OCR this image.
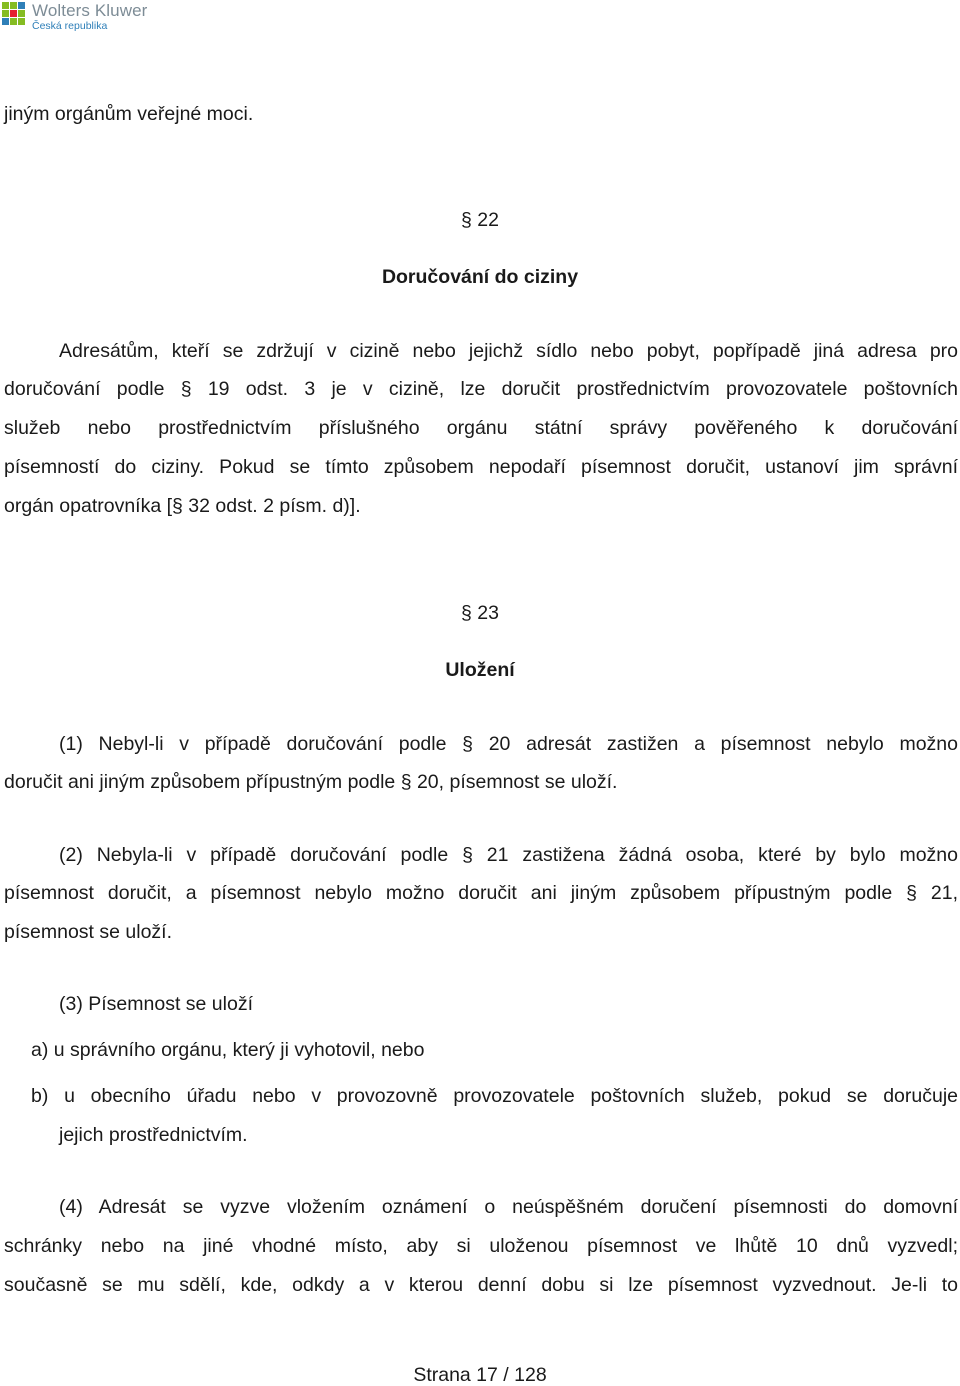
Wolters Kluwer
Česká republika
jiným orgánům veřejné moci.
§ 22
Doručování do ciziny
Adresátům, kteří se zdržují v cizině nebo jejichž sídlo nebo pobyt, popřípadě jiná adresa pro
doručování podle § 19 odst. 3 je v cizině, lze doručit prostřednictvím provozovatele poštovních
služeb nebo prostřednictvím příslušného orgánu státní správy pověřeného k doručování
písemností do ciziny. Pokud se tímto způsobem nepodaří písemnost doručit, ustanoví jim správní
orgán opatrovníka [§ 32 odst. 2 písm. d)].
§ 23
Uložení
(1) Nebyl-li v případě doručování podle § 20 adresát zastižen a písemnost nebylo možno
doručit ani jiným způsobem přípustným podle § 20, písemnost se uloží.
(2) Nebyla-li v případě doručování podle § 21 zastižena žádná osoba, které by bylo možno
písemnost doručit, a písemnost nebylo možno doručit ani jiným způsobem přípustným podle § 21,
písemnost se uloží.
(3) Písemnost se uloží
a) u správního orgánu, který ji vyhotovil, nebo
b) u obecního úřadu nebo v provozovně provozovatele poštovních služeb, pokud se doručuje
jejich prostřednictvím.
(4) Adresát se vyzve vložením oznámení o neúspěšném doručení písemnosti do domovní
schránky nebo na jiné vhodné místo, aby si uloženou písemnost ve lhůtě 10 dnů vyzvedl;
současně se mu sdělí, kde, odkdy a v kterou denní dobu si lze písemnost vyzvednout. Je-li to
Strana 17 / 128
